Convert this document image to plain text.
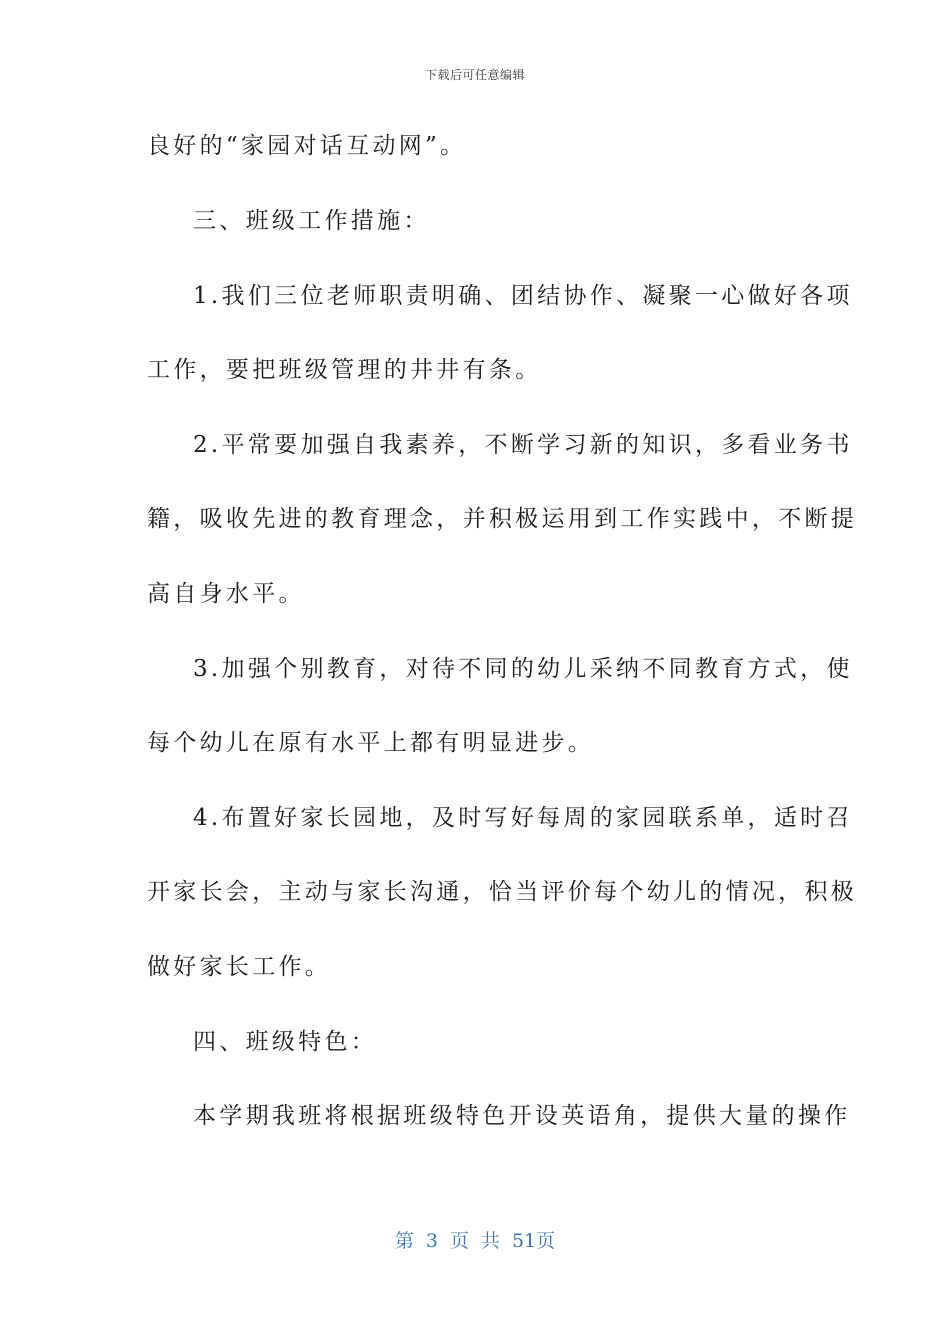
下载后可任意编辑
良好的“家园对话互动网”。
三、班级工作措施：
1.我们三位老师职责明确、团结协作、凝聚一心做好各项
工作，要把班级管理的井井有条。
2.平常要加强自我素养，不断学习新的知识，多看业务书
籍，吸收先进的教育理念，并积极运用到工作实践中，不断提
高自身水平。
3.加强个别教育，对待不同的幼儿采纳不同教育方式，使
每个幼儿在原有水平上都有明显进步。
4.布置好家长园地，及时写好每周的家园联系单，适时召
开家长会，主动与家长沟通，恰当评价每个幼儿的情况，积极
做好家长工作。
四、班级特色：
本学期我班将根据班级特色开设英语角，提供大量的操作
第 3 页 共 51页
